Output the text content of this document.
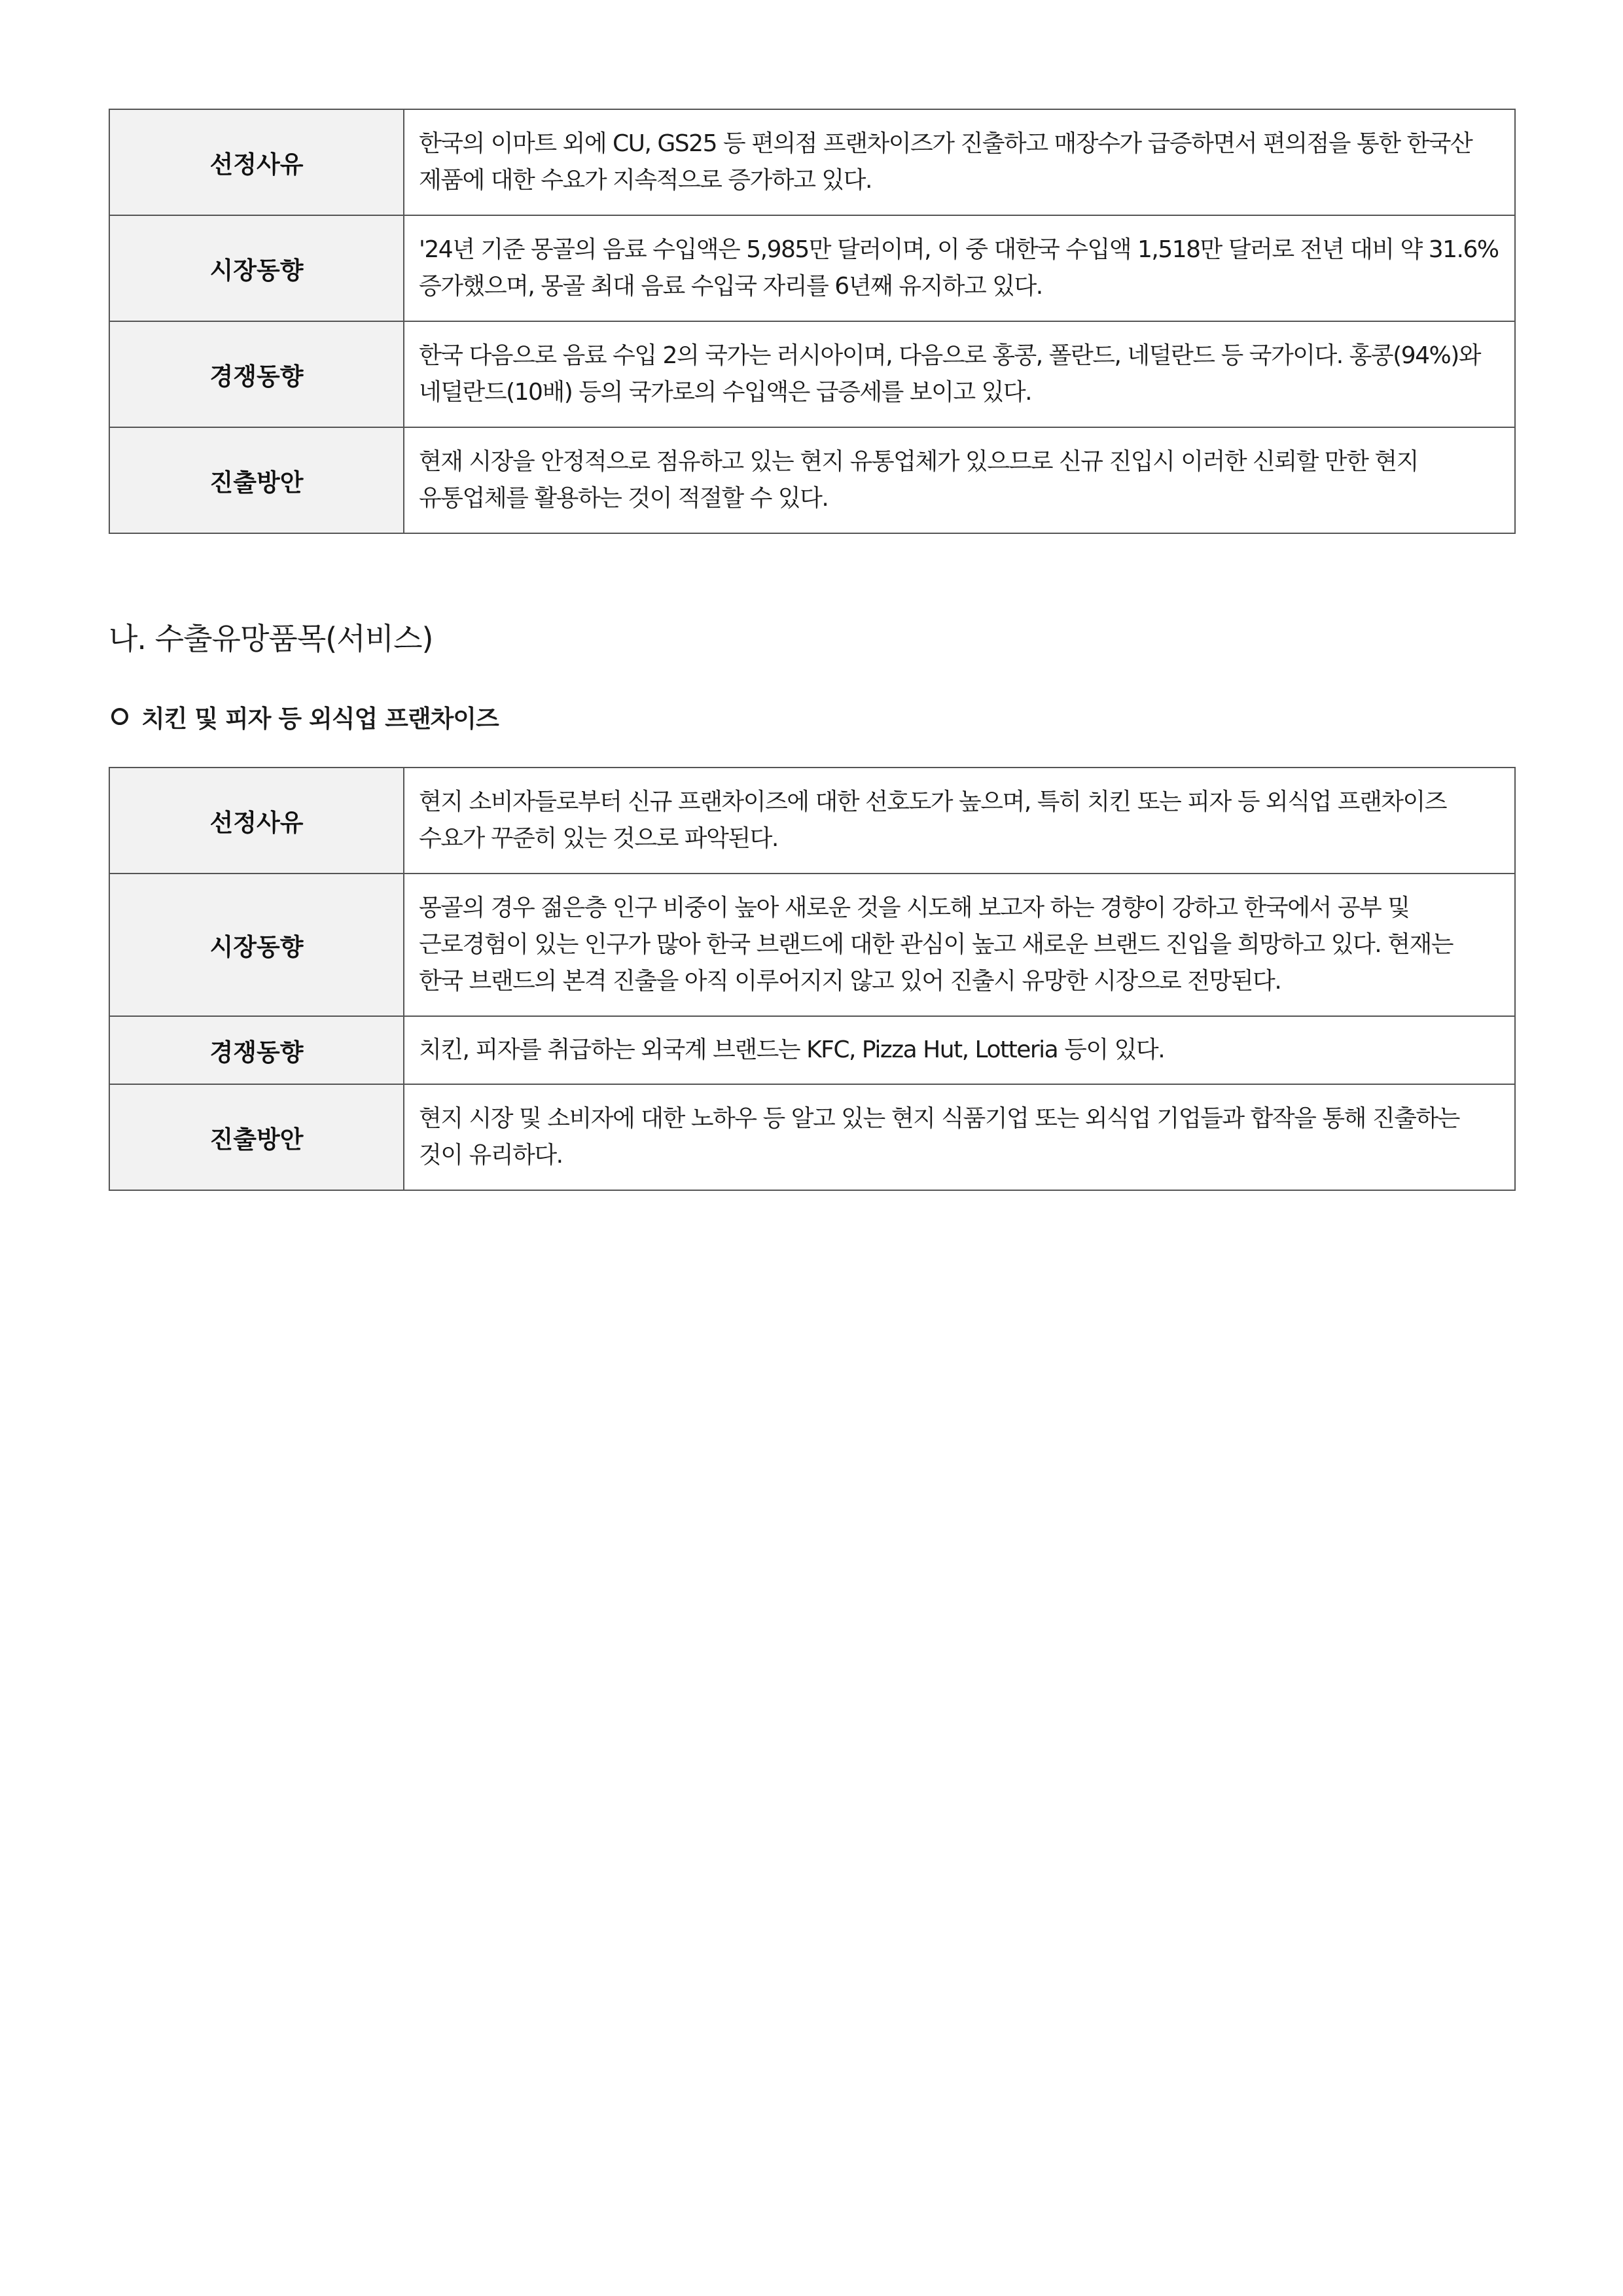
선정사유	한국의 이마트 외에 CU, GS25 등 편의점 프랜차이즈가 진출하고 매장수가 급증하면서 편의점을 통한 한국산 제품에 대한 수요가 지속적으로 증가하고 있다.
시장동향	'24년 기준 몽골의 음료 수입액은 5,985만 달러이며, 이 중 대한국 수입액 1,518만 달러로 전년 대비 약 31.6% 증가했으며, 몽골 최대 음료 수입국 자리를 6년째 유지하고 있다.
경쟁동향	한국 다음으로 음료 수입 2의 국가는 러시아이며, 다음으로 홍콩, 폴란드, 네덜란드 등 국가이다. 홍콩(94%)와 네덜란드(10배) 등의 국가로의 수입액은 급증세를 보이고 있다.
진출방안	현재 시장을 안정적으로 점유하고 있는 현지 유통업체가 있으므로 신규 진입시 이러한 신뢰할 만한 현지 유통업체를 활용하는 것이 적절할 수 있다.
나. 수출유망품목(서비스)
치킨 및 피자 등 외식업 프랜차이즈
선정사유	현지 소비자들로부터 신규 프랜차이즈에 대한 선호도가 높으며, 특히 치킨 또는 피자 등 외식업 프랜차이즈 수요가 꾸준히 있는 것으로 파악된다.
시장동향	몽골의 경우 젊은층 인구 비중이 높아 새로운 것을 시도해 보고자 하는 경향이 강하고 한국에서 공부 및 근로경험이 있는 인구가 많아 한국 브랜드에 대한 관심이 높고 새로운 브랜드 진입을 희망하고 있다. 현재는 한국 브랜드의 본격 진출을 아직 이루어지지 않고 있어 진출시 유망한 시장으로 전망된다.
경쟁동향	치킨, 피자를 취급하는 외국계 브랜드는 KFC, Pizza Hut, Lotteria 등이 있다.
진출방안	현지 시장 및 소비자에 대한 노하우 등 알고 있는 현지 식품기업 또는 외식업 기업들과 합작을 통해 진출하는 것이 유리하다.
